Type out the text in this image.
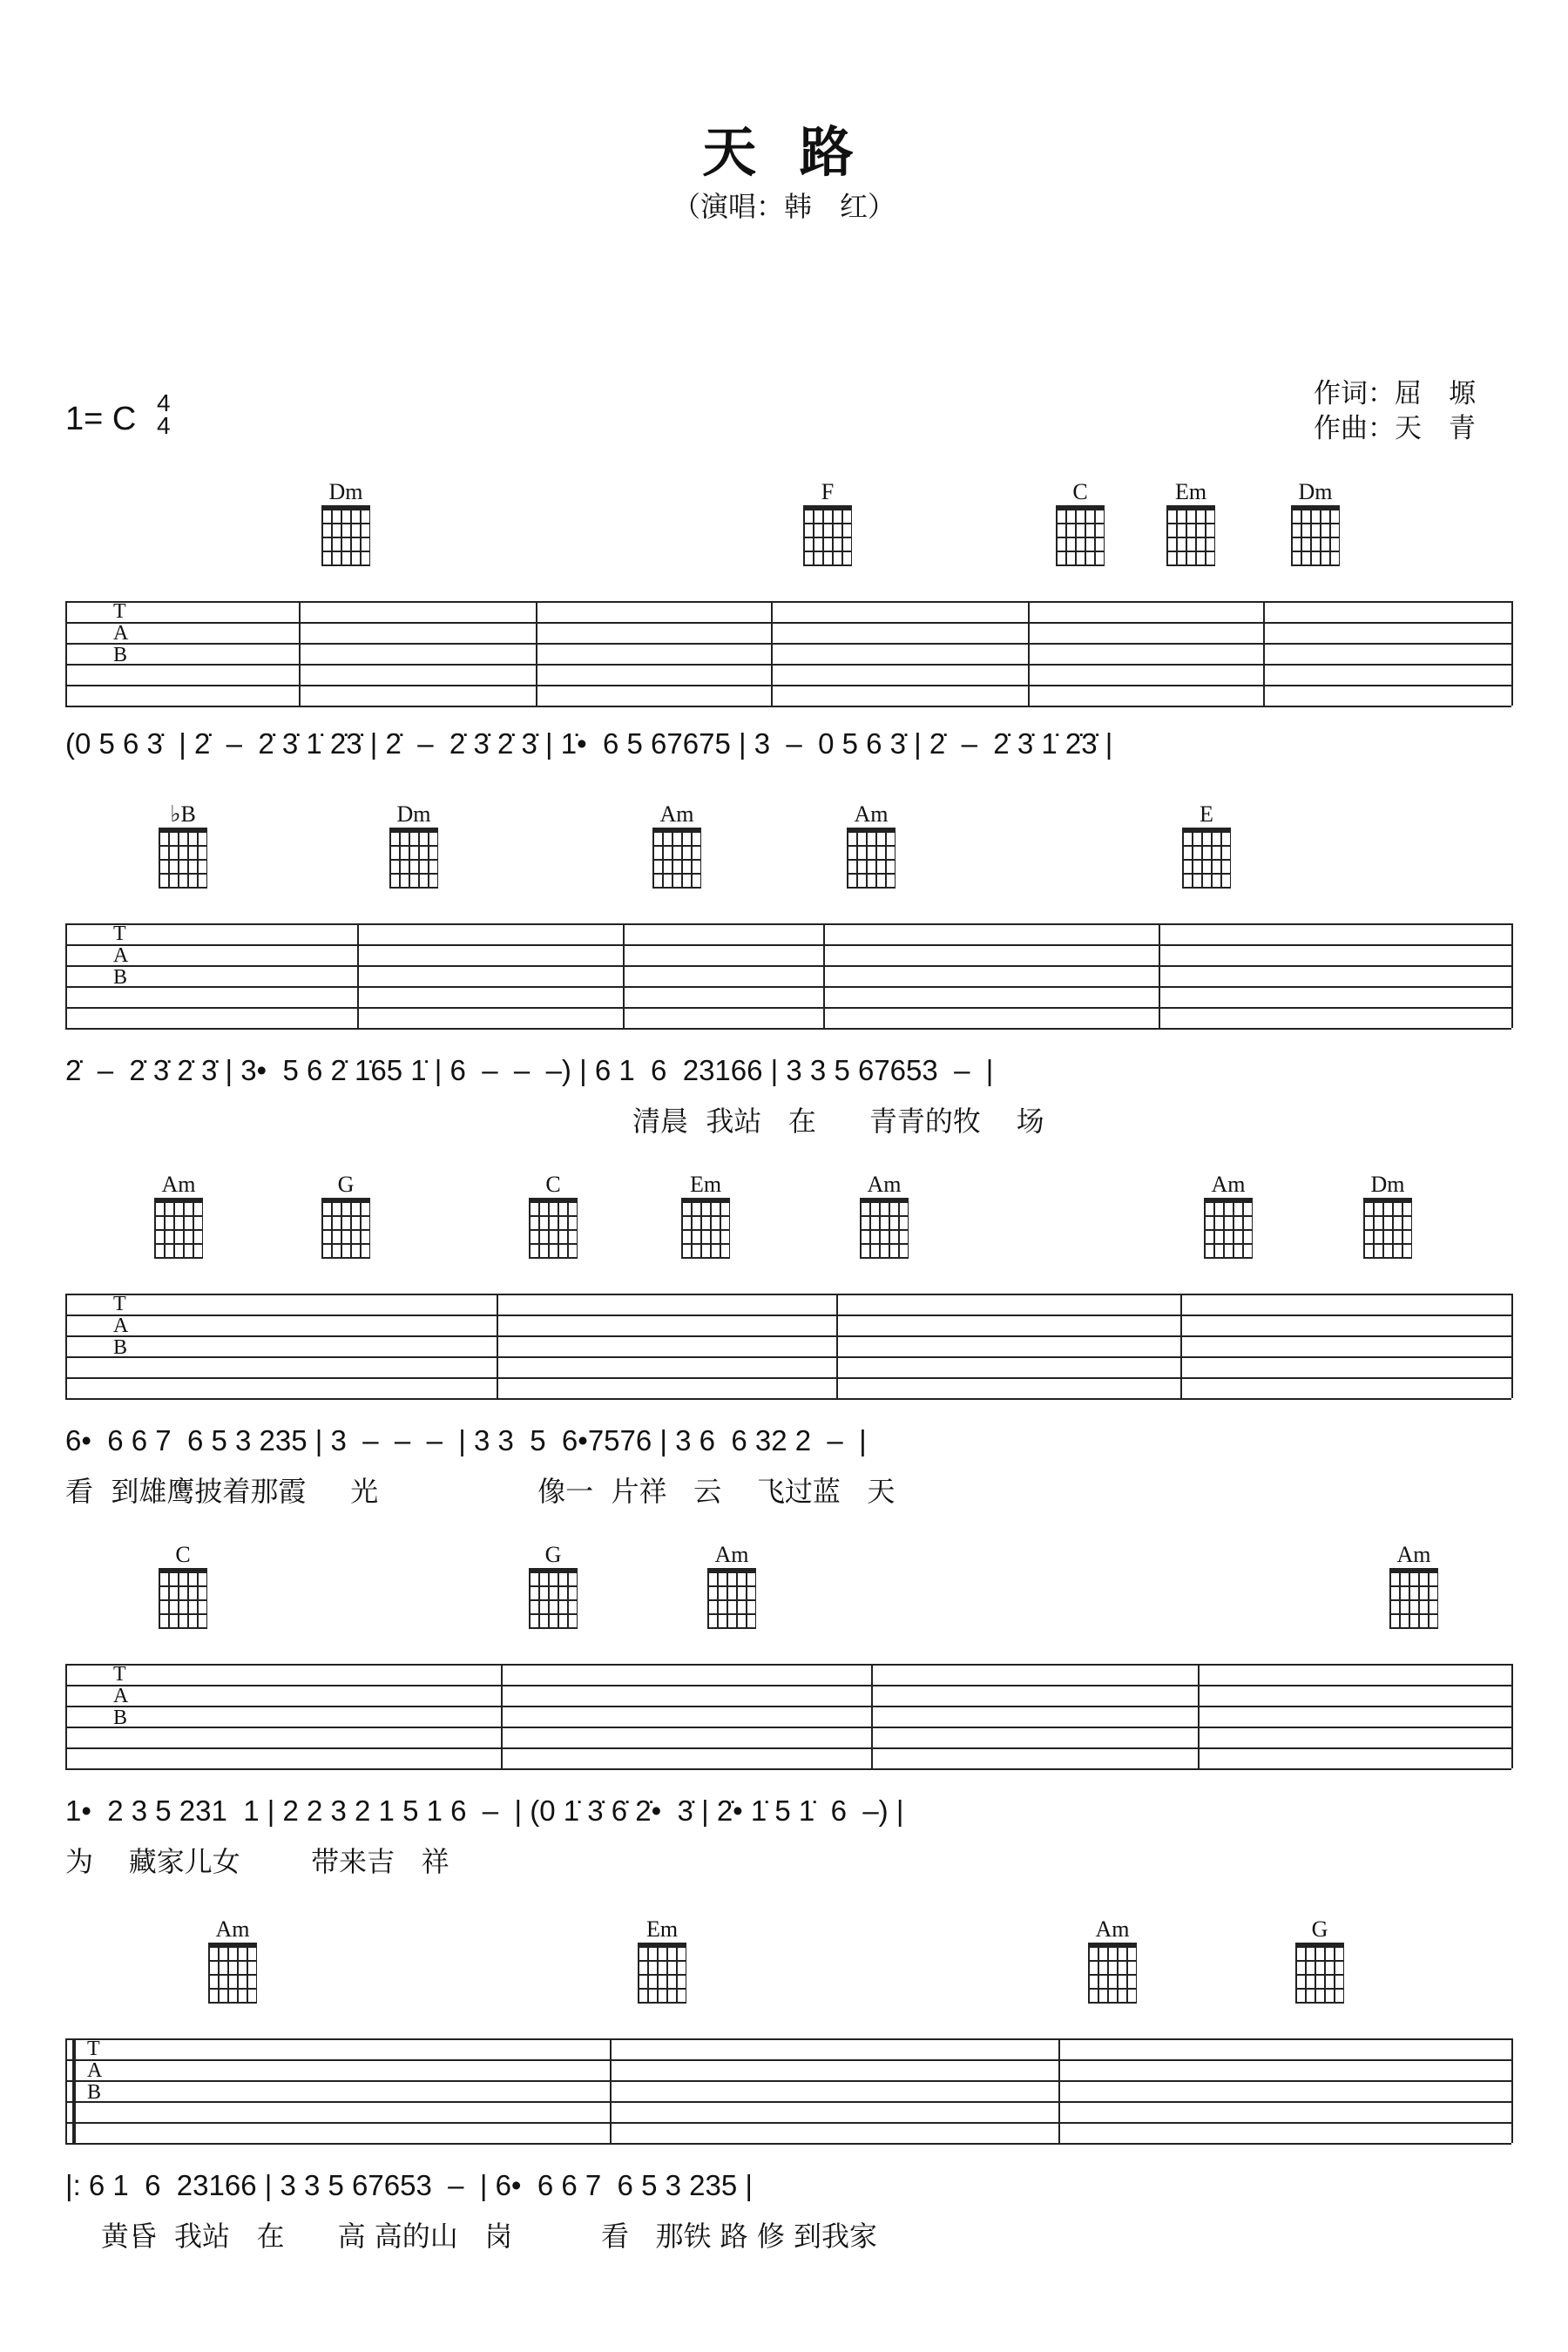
天 路
（演唱：韩　红）
1= C 4
4
作词：屈　塬
作曲：天　青
Dm	F	C	Em	Dm
T
A
B
(0 5 6 3̇  | 2̇  –  2̇ 3̇ 1̇ 2̇3̇ | 2̇  –  2̇ 3̇ 2̇ 3̇ | 1̇•  6 5 67675 | 3  –  0 5 6 3̇ | 2̇  –  2̇ 3̇ 1̇ 2̇3̇ |
♭B	Dm	Am	Am	E
T
A
B
2̇  –  2̇ 3̇ 2̇ 3̇ | 3•  5 6 2̇ 1̇65 1̇ | 6  –  –  –) | 6 1  6  23166 | 3 3 5 67653  –  |
清晨  我站   在      青青的牧    场
Am	G	C	Em	Am	Am	Dm
T
A
B
6•  6 6 7  6 5 3 235 | 3  –  –  –  | 3 3  5  6•7576 | 3 6  6 32 2  –  |
看  到雄鹰披着那霞     光                  像一  片祥   云    飞过蓝   天
C	G	Am	Am
T
A
B
1•  2 3 5 231  1 | 2 2 3 2 1 5 1 6  –  | (0 1̇ 3̇ 6̇ 2̇•  3̇ | 2̇• 1̇ 5 1̇  6  –) |
为    藏家儿女        带来吉   祥
Am	Em	Am	G
T
A
B
|: 6 1  6  23166 | 3 3 5 67653  –  | 6•  6 6 7  6 5 3 235 |
黄昏  我站   在      高 高的山   岗          看   那铁 路 修 到我家
